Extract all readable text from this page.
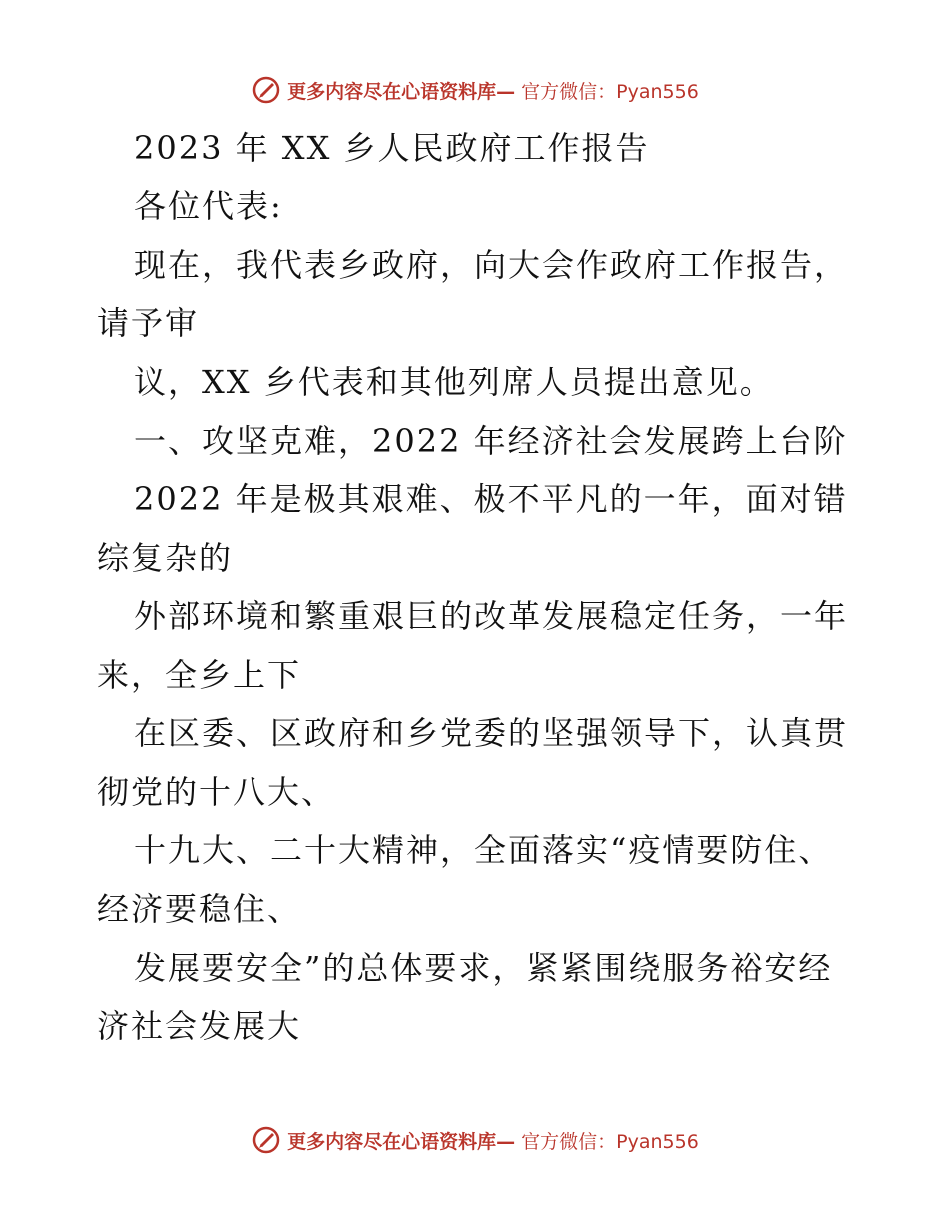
更多内容尽在心语资料库— 官方微信：Pyan556
2023 年 XX 乡人民政府工作报告
各位代表:
现在，我代表乡政府，向大会作政府工作报告，
请予审
议，XX 乡代表和其他列席人员提出意见。
一、攻坚克难，2022 年经济社会发展跨上台阶
2022 年是极其艰难、极不平凡的一年，面对错
综复杂的
外部环境和繁重艰巨的改革发展稳定任务，一年
来，全乡上下
在区委、区政府和乡党委的坚强领导下，认真贯
彻党的十八大、
十九大、二十大精神，全面落实“疫情要防住、
经济要稳住、
发展要安全”的总体要求，紧紧围绕服务裕安经
济社会发展大
更多内容尽在心语资料库— 官方微信：Pyan556
